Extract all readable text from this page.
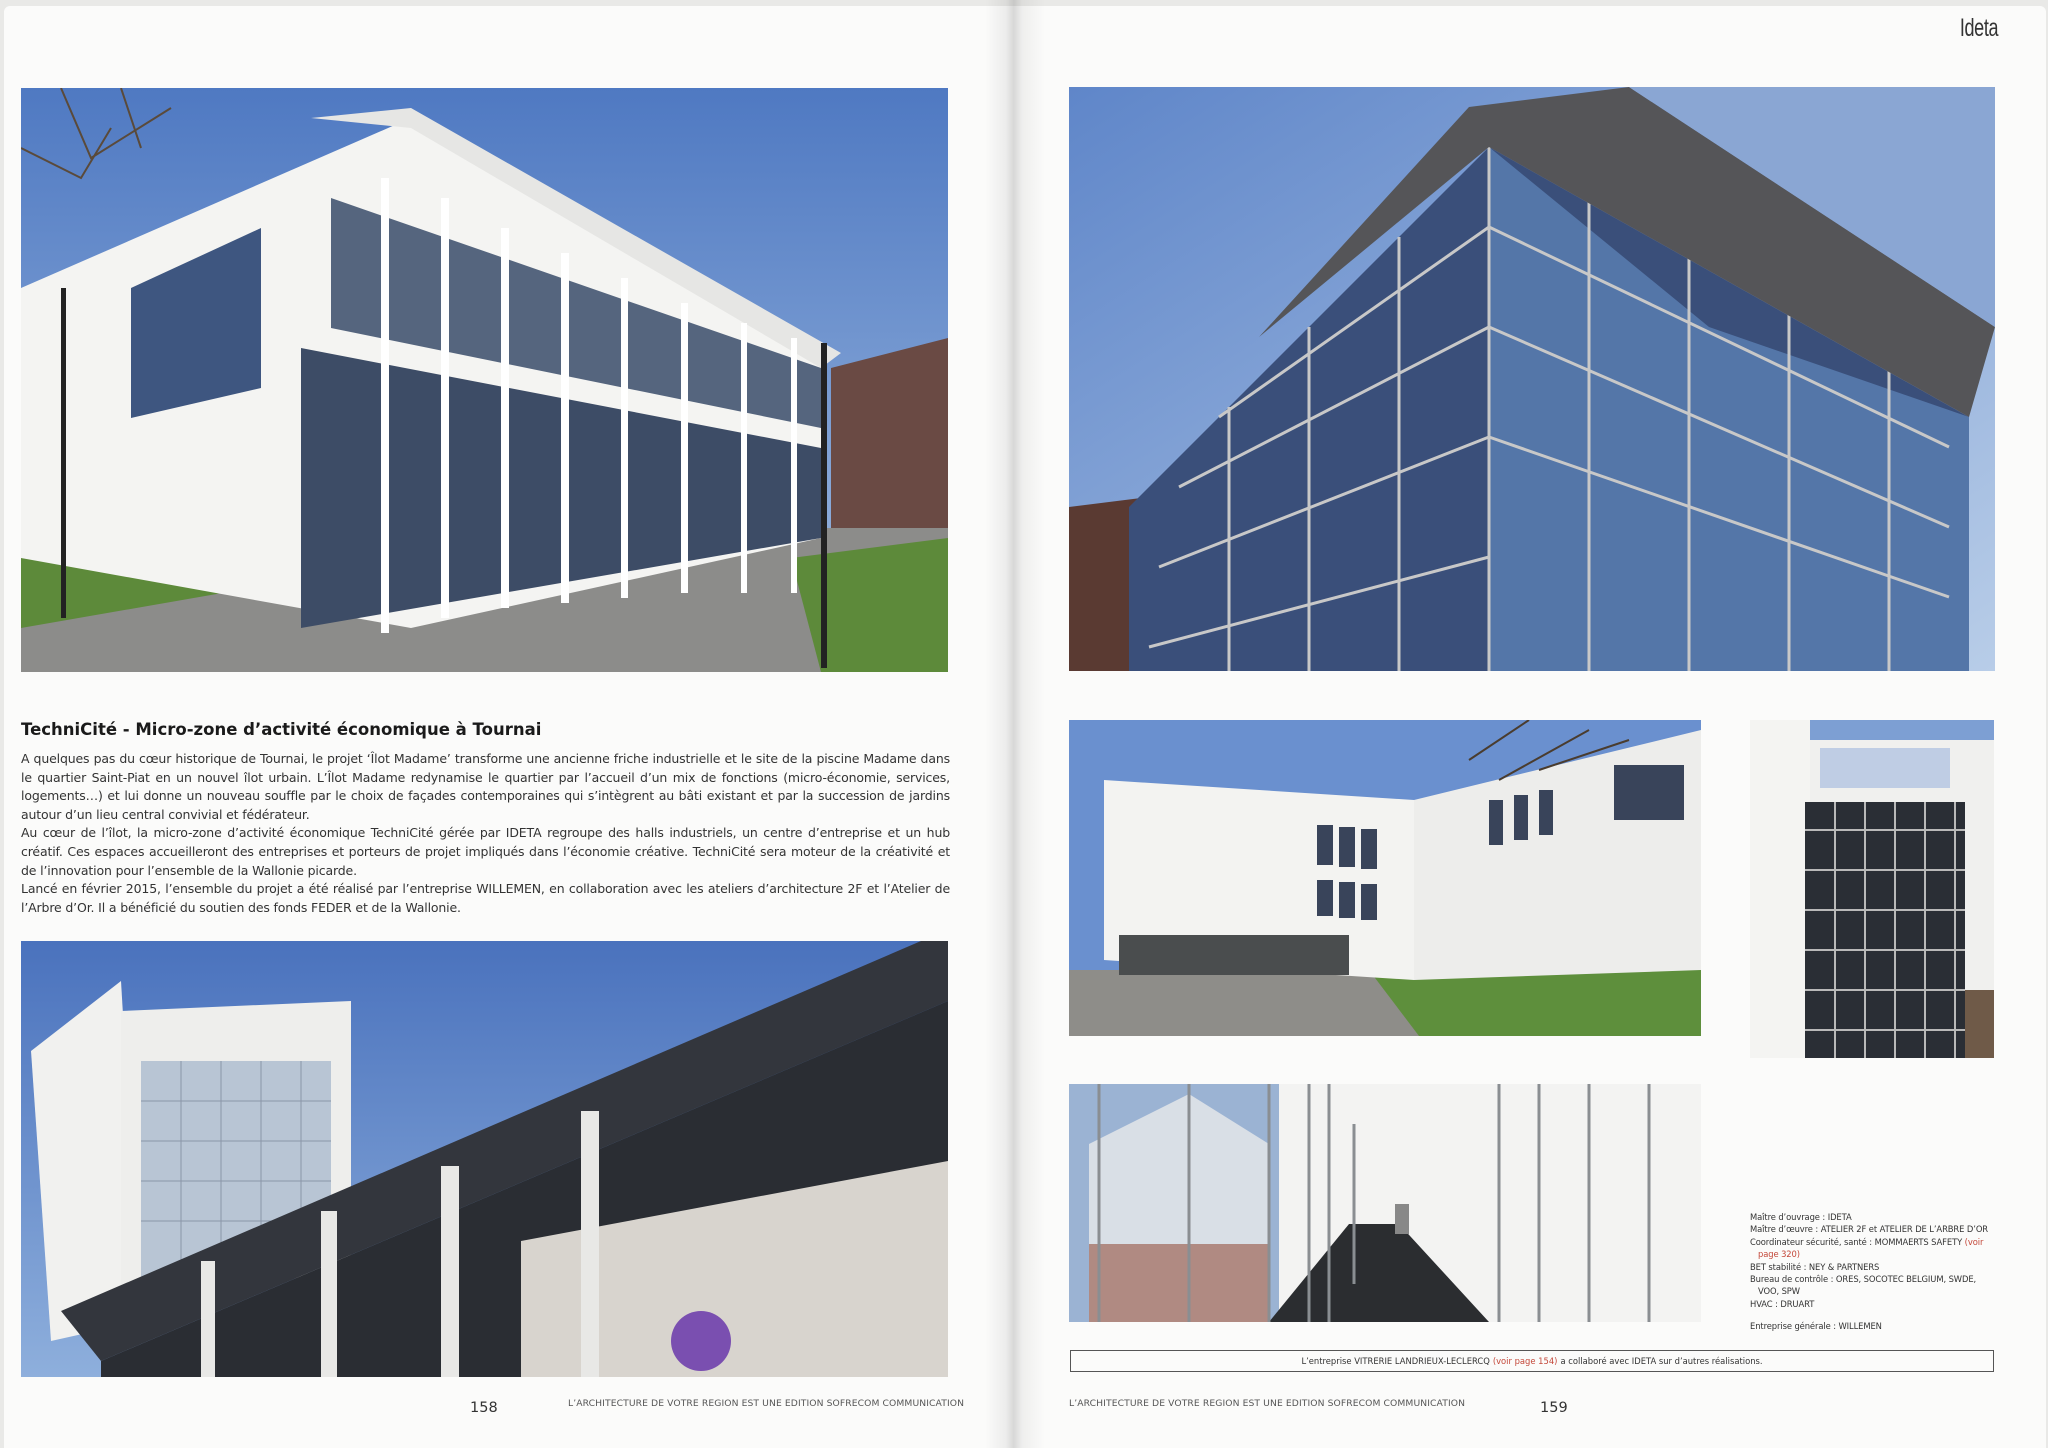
Ideta
TechniCité - Micro-zone d’activité économique à Tournai

A quelques pas du cœur historique de Tournai, le projet ‘Îlot Madame’ transforme une ancienne friche industrielle et le site de la piscine Madame dans le quartier Saint-Piat en un nouvel îlot urbain. L’Îlot Madame redynamise le quartier par l’accueil d’un mix de fonctions (micro-économie, services, logements…) et lui donne un nouveau souffle par le choix de façades contemporaines qui s’intègrent au bâti existant et par la succession de jardins autour d’un lieu central convivial et fédérateur.

Au cœur de l’îlot, la micro-zone d’activité économique TechniCité gérée par IDETA regroupe des halls industriels, un centre d’entreprise et un hub créatif. Ces espaces accueilleront des entreprises et porteurs de projet impliqués dans l’économie créative. TechniCité sera moteur de la créativité et de l’innovation pour l’ensemble de la Wallonie picarde.

Lancé en février 2015, l’ensemble du projet a été réalisé par l’entreprise WILLEMEN, en collaboration avec les ateliers d’architecture 2F et l’Atelier de l’Arbre d’Or. Il a bénéficié du soutien des fonds FEDER et de la Wallonie.

Maître d’ouvrage : IDETA
Maître d’œuvre : ATELIER 2F et ATELIER DE L’ARBRE D’OR
Coordinateur sécurité, santé : MOMMAERTS SAFETY (voir
page 320)
BET stabilité : NEY & PARTNERS
Bureau de contrôle : ORES, SOCOTEC BELGIUM, SWDE,
VOO, SPW
HVAC : DRUART
Entreprise générale : WILLEMEN
L’entreprise VITRERIE LANDRIEUX-LECLERCQ (voir page 154) a collaboré avec IDETA sur d’autres réalisations.
158	L’ARCHITECTURE DE VOTRE REGION EST UNE EDITION SOFRECOM COMMUNICATION	L’ARCHITECTURE DE VOTRE REGION EST UNE EDITION SOFRECOM COMMUNICATION	159
